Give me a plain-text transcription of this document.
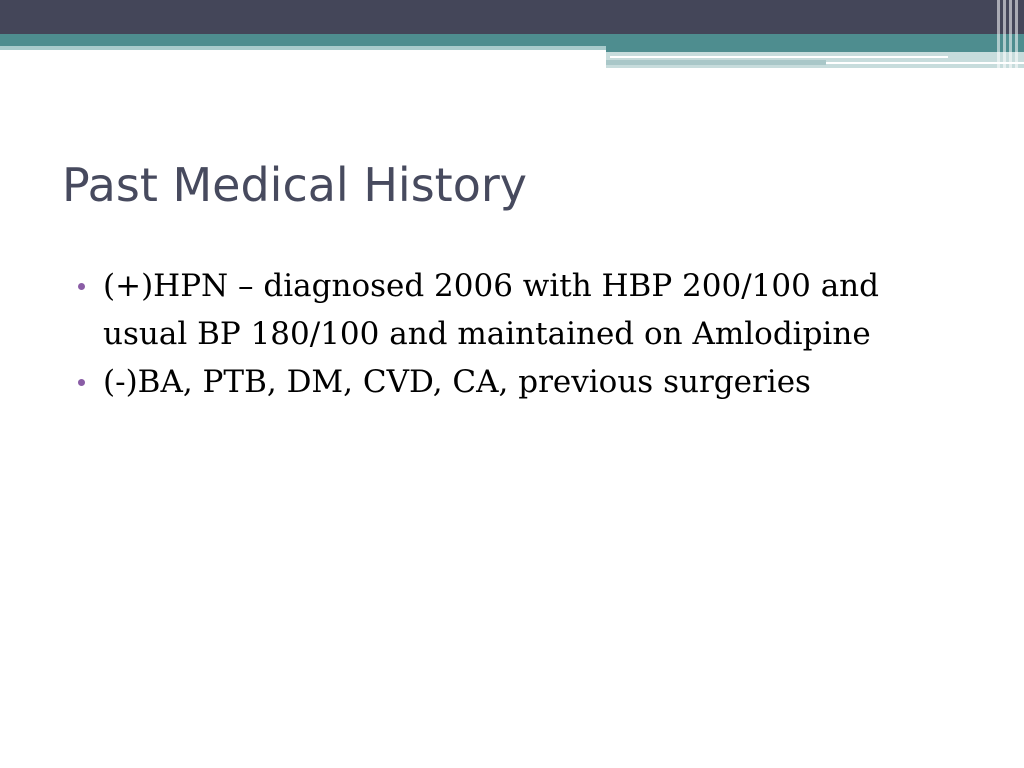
Past Medical History
(+)HPN – diagnosed 2006 with HBP 200/100 and usual BP 180/100 and maintained on Amlodipine
(-)BA, PTB, DM, CVD, CA, previous surgeries
